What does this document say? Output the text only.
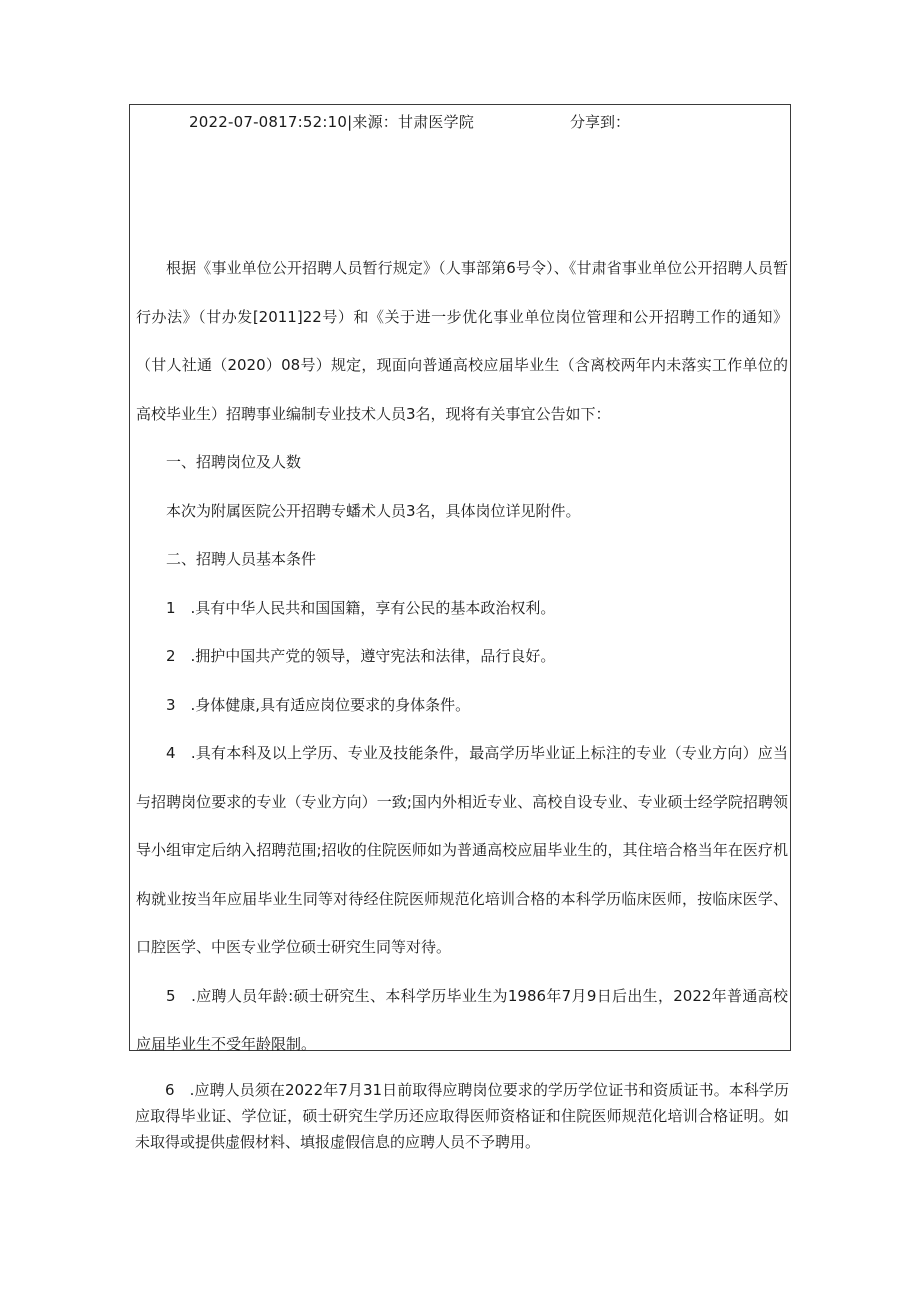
2022-07-0817:52:10|来源：甘肃医学院	分享到：

根据《事业单位公开招聘人员暂行规定》（人事部第6号令）、《甘肃省事业单位公开招聘人员暂行办法》（甘办发[2011]22号）和《关于进一步优化事业单位岗位管理和公开招聘工作的通知》（甘人社通（2020）08号）规定，现面向普通高校应届毕业生（含离校两年内未落实工作单位的高校毕业生）招聘事业编制专业技术人员3名，现将有关事宜公告如下：

一、招聘岗位及人数

本次为附属医院公开招聘专蟠术人员3名，具体岗位详见附件。

二、招聘人员基本条件

1　.具有中华人民共和国国籍，享有公民的基本政治权利。

2　.拥护中国共产党的领导，遵守宪法和法律，品行良好。

3　.身体健康,具有适应岗位要求的身体条件。

4　.具有本科及以上学历、专业及技能条件，最高学历毕业证上标注的专业（专业方向）应当与招聘岗位要求的专业（专业方向）一致;国内外相近专业、高校自设专业、专业硕士经学院招聘领导小组审定后纳入招聘范围;招收的住院医师如为普通高校应届毕业生的，其住培合格当年在医疗机构就业按当年应届毕业生同等对待经住院医师规范化培训合格的本科学历临床医师，按临床医学、口腔医学、中医专业学位硕士研究生同等对待。

5　.应聘人员年龄:硕士研究生、本科学历毕业生为1986年7月9日后出生，2022年普通高校应届毕业生不受年龄限制。

6　.应聘人员须在2022年7月31日前取得应聘岗位要求的学历学位证书和资质证书。本科学历应取得毕业证、学位证，硕士研究生学历还应取得医师资格证和住院医师规范化培训合格证明。如未取得或提供虚假材料、填报虚假信息的应聘人员不予聘用。
